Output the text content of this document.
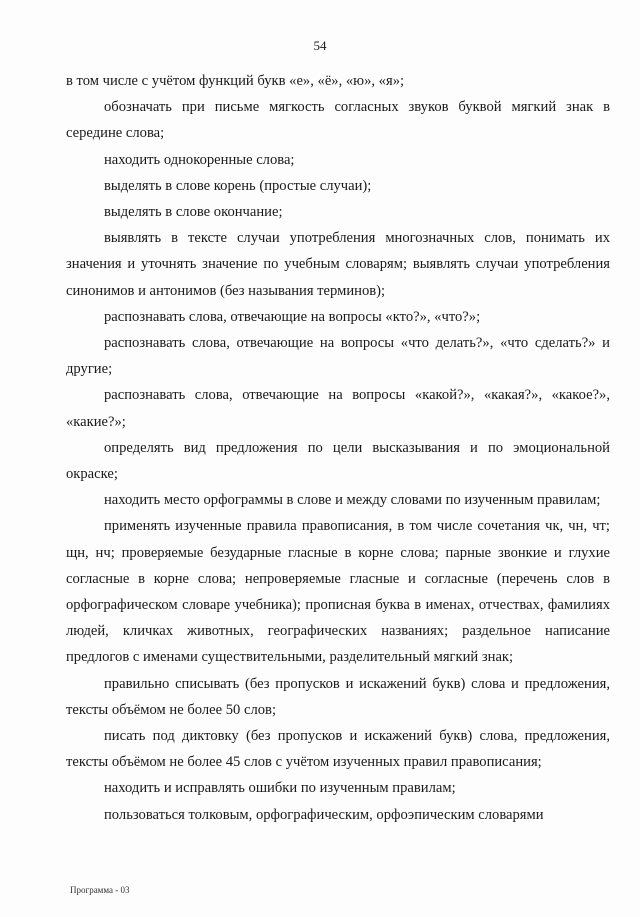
54

в том числе с учётом функций букв «е», «ё», «ю», «я»;

обозначать при письме мягкость согласных звуков буквой мягкий знак в середине слова;

находить однокоренные слова;

выделять в слове корень (простые случаи);

выделять в слове окончание;

выявлять в тексте случаи употребления многозначных слов, понимать их значения и уточнять значение по учебным словарям; выявлять случаи употребления синонимов и антонимов (без называния терминов);

распознавать слова, отвечающие на вопросы «кто?», «что?»;

распознавать слова, отвечающие на вопросы «что делать?», «что сделать?» и другие;

распознавать слова, отвечающие на вопросы «какой?», «какая?», «какое?», «какие?»;

определять вид предложения по цели высказывания и по эмоциональной окраске;

находить место орфограммы в слове и между словами по изученным правилам;

применять изученные правила правописания, в том числе сочетания чк, чн, чт; щн, нч; проверяемые безударные гласные в корне слова; парные звонкие и глухие согласные в корне слова; непроверяемые гласные и согласные (перечень слов в орфографическом словаре учебника); прописная буква в именах, отчествах, фамилиях людей, кличках животных, географических названиях; раздельное написание предлогов с именами существительными, разделительный мягкий знак;

правильно списывать (без пропусков и искажений букв) слова и предложения, тексты объёмом не более 50 слов;

писать под диктовку (без пропусков и искажений букв) слова, предложения, тексты объёмом не более 45 слов с учётом изученных правил правописания;

находить и исправлять ошибки по изученным правилам;

пользоваться толковым, орфографическим, орфоэпическим словарями

Программа - 03
